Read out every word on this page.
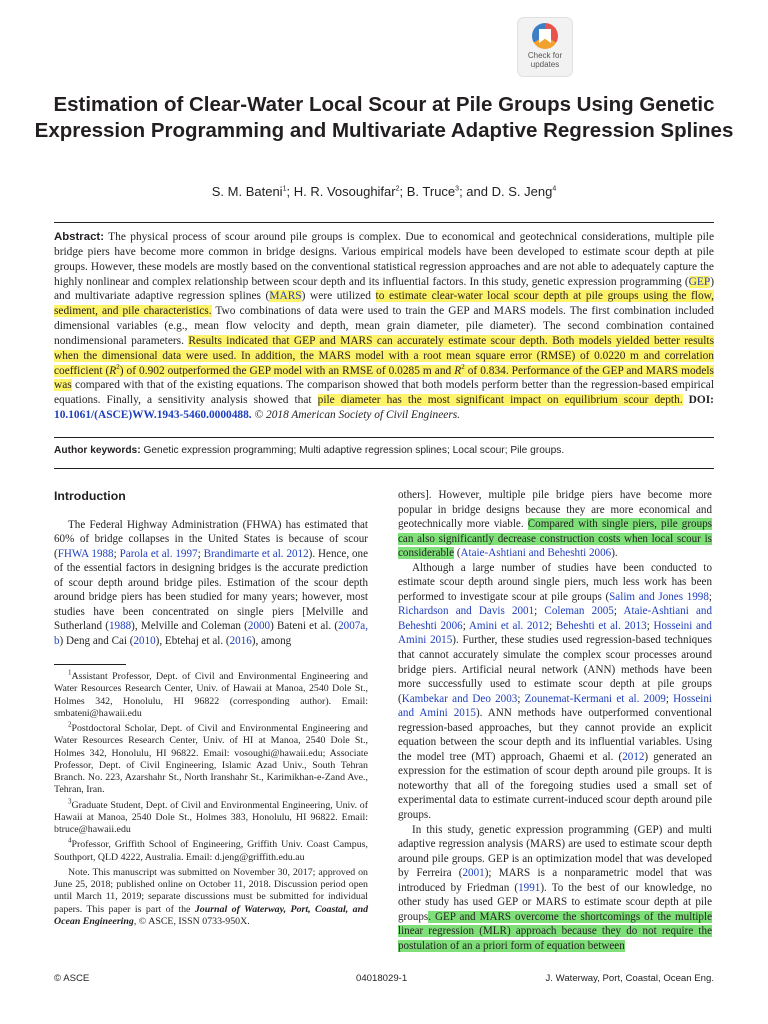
Check for
updates
Estimation of Clear-Water Local Scour at Pile Groups Using Genetic Expression Programming and Multivariate Adaptive Regression Splines
S. M. Bateni$^1$; H. R. Vosoughifar$^2$; B. Truce$^3$; and D. S. Jeng$^4$
Abstract: The physical process of scour around pile groups is complex. Due to economical and geotechnical considerations, multiple pile bridge piers have become more common in bridge designs. Various empirical models have been developed to estimate scour depth at pile groups. However, these models are mostly based on the conventional statistical regression approaches and are not able to adequately capture the highly nonlinear and complex relationship between scour depth and its influential factors. In this study, genetic expression programming (GEP) and multivariate adaptive regression splines (MARS) were utilized to estimate clear-water local scour depth at pile groups using the flow, sediment, and pile characteristics. Two combinations of data were used to train the GEP and MARS models. The first combination included dimensional variables (e.g., mean flow velocity and depth, mean grain diameter, pile diameter). The second combination contained nondimensional parameters. Results indicated that GEP and MARS can accurately estimate scour depth. Both models yielded better results when the dimensional data were used. In addition, the MARS model with a root mean square error (RMSE) of 0.0220 m and correlation coefficient $(R^2)$ of 0.902 outperformed the GEP model with an RMSE of 0.0285 m and $R^2$ of 0.834. Performance of the GEP and MARS models was compared with that of the existing equations. The comparison showed that both models perform better than the regression-based empirical equations. Finally, a sensitivity analysis showed that pile diameter has the most significant impact on equilibrium scour depth. DOI: 10.1061/(ASCE)WW.1943-5460.0000488. © 2018 American Society of Civil Engineers.
Author keywords: Genetic expression programming; Multi adaptive regression splines; Local scour; Pile groups.
Introduction

The Federal Highway Administration (FHWA) has estimated that 60% of bridge collapses in the United States is because of scour (FHWA 1988; Parola et al. 1997; Brandimarte et al. 2012). Hence, one of the essential factors in designing bridges is the accurate prediction of scour depth around bridge piles. Estimation of the scour depth around bridge piers has been studied for many years; however, most studies have been concentrated on single piers [Melville and Sutherland (1988), Melville and Coleman (2000) Bateni et al. (2007a, b) Deng and Cai (2010), Ebtehaj et al. (2016), among

$^1$Assistant Professor, Dept. of Civil and Environmental Engineering and Water Resources Research Center, Univ. of Hawaii at Manoa, 2540 Dole St., Holmes 342, Honolulu, HI 96822 (corresponding author). Email: smbateni@hawaii.edu

$^2$Postdoctoral Scholar, Dept. of Civil and Environmental Engineering and Water Resources Research Center, Univ. of HI at Manoa, 2540 Dole St., Holmes 342, Honolulu, HI 96822. Email: vosoughi@hawaii.edu; Associate Professor, Dept. of Civil Engineering, Islamic Azad Univ., South Tehran Branch. No. 223, Azarshahr St., North Iranshahr St., Karimikhan-e-Zand Ave., Tehran, Iran.

$^3$Graduate Student, Dept. of Civil and Environmental Engineering, Univ. of Hawaii at Manoa, 2540 Dole St., Holmes 383, Honolulu, HI 96822. Email: btruce@hawaii.edu

$^4$Professor, Griffith School of Engineering, Griffith Univ. Coast Campus, Southport, QLD 4222, Australia. Email: d.jeng@griffith.edu.au

Note. This manuscript was submitted on November 30, 2017; approved on June 25, 2018; published online on October 11, 2018. Discussion period open until March 11, 2019; separate discussions must be submitted for individual papers. This paper is part of the Journal of Waterway, Port, Coastal, and Ocean Engineering, © ASCE, ISSN 0733-950X.

others]. However, multiple pile bridge piers have become more popular in bridge designs because they are more economical and geotechnically more viable. Compared with single piers, pile groups can also significantly decrease construction costs when local scour is considerable (Ataie-Ashtiani and Beheshti 2006).

Although a large number of studies have been conducted to estimate scour depth around single piers, much less work has been performed to investigate scour at pile groups (Salim and Jones 1998; Richardson and Davis 2001; Coleman 2005; Ataie-Ashtiani and Beheshti 2006; Amini et al. 2012; Beheshti et al. 2013; Hosseini and Amini 2015). Further, these studies used regression-based techniques that cannot accurately simulate the complex scour processes around bridge piers. Artificial neural network (ANN) methods have been more successfully used to estimate scour depth at pile groups (Kambekar and Deo 2003; Zounemat-Kermani et al. 2009; Hosseini and Amini 2015). ANN methods have outperformed conventional regression-based approaches, but they cannot provide an explicit equation between the scour depth and its influential variables. Using the model tree (MT) approach, Ghaemi et al. (2012) generated an expression for the estimation of scour depth around pile groups. It is noteworthy that all of the foregoing studies used a small set of experimental data to estimate current-induced scour depth around pile groups.

In this study, genetic expression programming (GEP) and multi adaptive regression analysis (MARS) are used to estimate scour depth around pile groups. GEP is an optimization model that was developed by Ferreira (2001); MARS is a nonparametric model that was introduced by Friedman (1991). To the best of our knowledge, no other study has used GEP or MARS to estimate scour depth at pile groups. GEP and MARS overcome the shortcomings of the multiple linear regression (MLR) approach because they do not require the postulation of an a priori form of equation between

© ASCE	04018029-1	J. Waterway, Port, Coastal, Ocean Eng.
